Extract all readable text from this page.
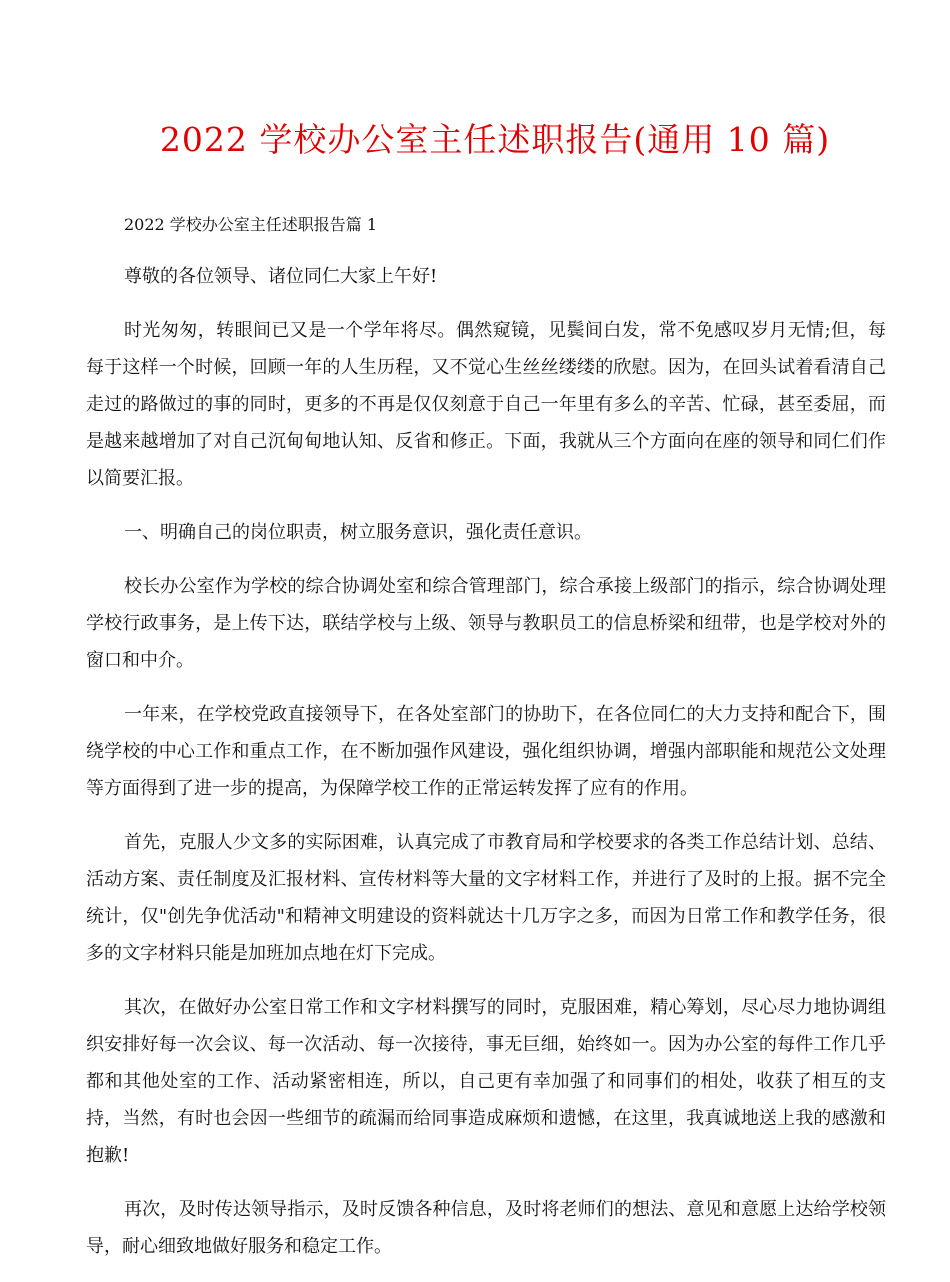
2022 学校办公室主任述职报告(通用 10 篇)

2022 学校办公室主任述职报告篇 1

尊敬的各位领导、诸位同仁大家上午好!

时光匆匆，转眼间已又是一个学年将尽。偶然窥镜，见鬓间白发，常不免感叹岁月无情;但，每每于这样一个时候，回顾一年的人生历程，又不觉心生丝丝缕缕的欣慰。因为，在回头试着看清自己走过的路做过的事的同时，更多的不再是仅仅刻意于自己一年里有多么的辛苦、忙碌，甚至委屈，而是越来越增加了对自己沉甸甸地认知、反省和修正。下面，我就从三个方面向在座的领导和同仁们作以简要汇报。

一、明确自己的岗位职责，树立服务意识，强化责任意识。

校长办公室作为学校的综合协调处室和综合管理部门，综合承接上级部门的指示，综合协调处理学校行政事务，是上传下达，联结学校与上级、领导与教职员工的信息桥梁和纽带，也是学校对外的窗口和中介。

一年来，在学校党政直接领导下，在各处室部门的协助下，在各位同仁的大力支持和配合下，围绕学校的中心工作和重点工作，在不断加强作风建设，强化组织协调，增强内部职能和规范公文处理等方面得到了进一步的提高，为保障学校工作的正常运转发挥了应有的作用。

首先，克服人少文多的实际困难，认真完成了市教育局和学校要求的各类工作总结计划、总结、活动方案、责任制度及汇报材料、宣传材料等大量的文字材料工作，并进行了及时的上报。据不完全统计，仅"创先争优活动"和精神文明建设的资料就达十几万字之多，而因为日常工作和教学任务，很多的文字材料只能是加班加点地在灯下完成。

其次，在做好办公室日常工作和文字材料撰写的同时，克服困难，精心筹划，尽心尽力地协调组织安排好每一次会议、每一次活动、每一次接待，事无巨细，始终如一。因为办公室的每件工作几乎都和其他处室的工作、活动紧密相连，所以，自己更有幸加强了和同事们的相处，收获了相互的支持，当然，有时也会因一些细节的疏漏而给同事造成麻烦和遗憾，在这里，我真诚地送上我的感激和抱歉!

再次，及时传达领导指示，及时反馈各种信息，及时将老师们的想法、意见和意愿上达给学校领导，耐心细致地做好服务和稳定工作。
